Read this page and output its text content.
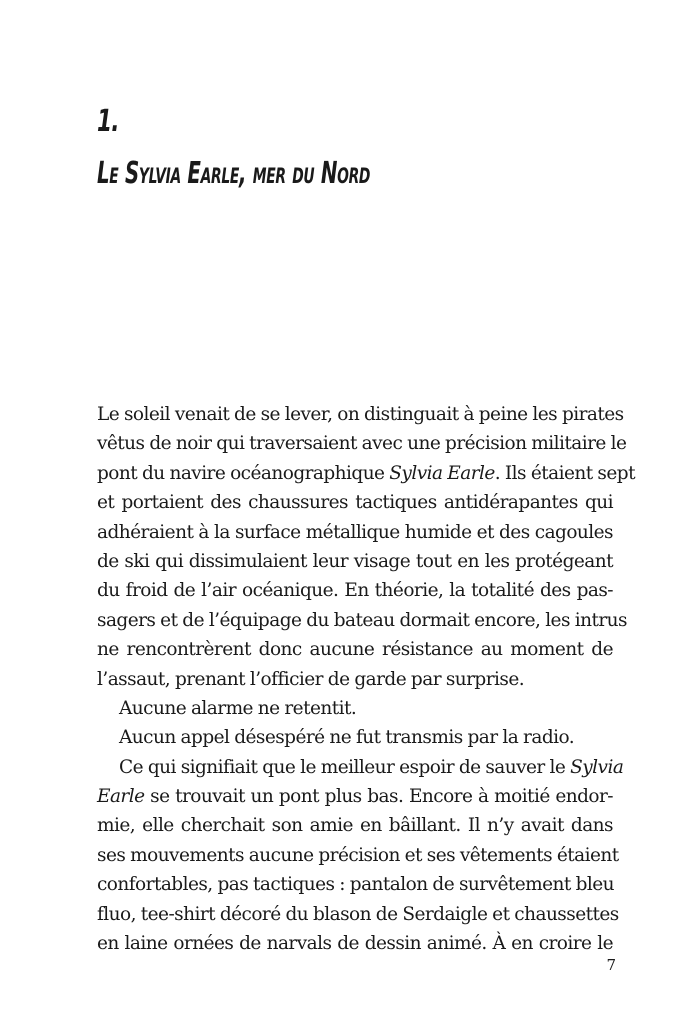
1.
Le Sylvia Earle, mer du Nord
Le soleil venait de se lever, on distinguait à peine les pirates
vêtus de noir qui traversaient avec une précision militaire le
pont du navire océanographique Sylvia Earle. Ils étaient sept
et portaient des chaussures tactiques antidérapantes qui
adhéraient à la surface métallique humide et des cagoules
de ski qui dissimulaient leur visage tout en les protégeant
du froid de l’air océanique. En théorie, la totalité des pas-
sagers et de l’équipage du bateau dormait encore, les intrus
ne rencontrèrent donc aucune résistance au moment de
l’assaut, prenant l’officier de garde par surprise.
Aucune alarme ne retentit.
Aucun appel désespéré ne fut transmis par la radio.
Ce qui signifiait que le meilleur espoir de sauver le Sylvia
Earle se trouvait un pont plus bas. Encore à moitié endor-
mie, elle cherchait son amie en bâillant. Il n’y avait dans
ses mouvements aucune précision et ses vêtements étaient
confortables, pas tactiques : pantalon de survêtement bleu
fluo, tee-shirt décoré du blason de Serdaigle et chaussettes
en laine ornées de narvals de dessin animé. À en croire le
7
